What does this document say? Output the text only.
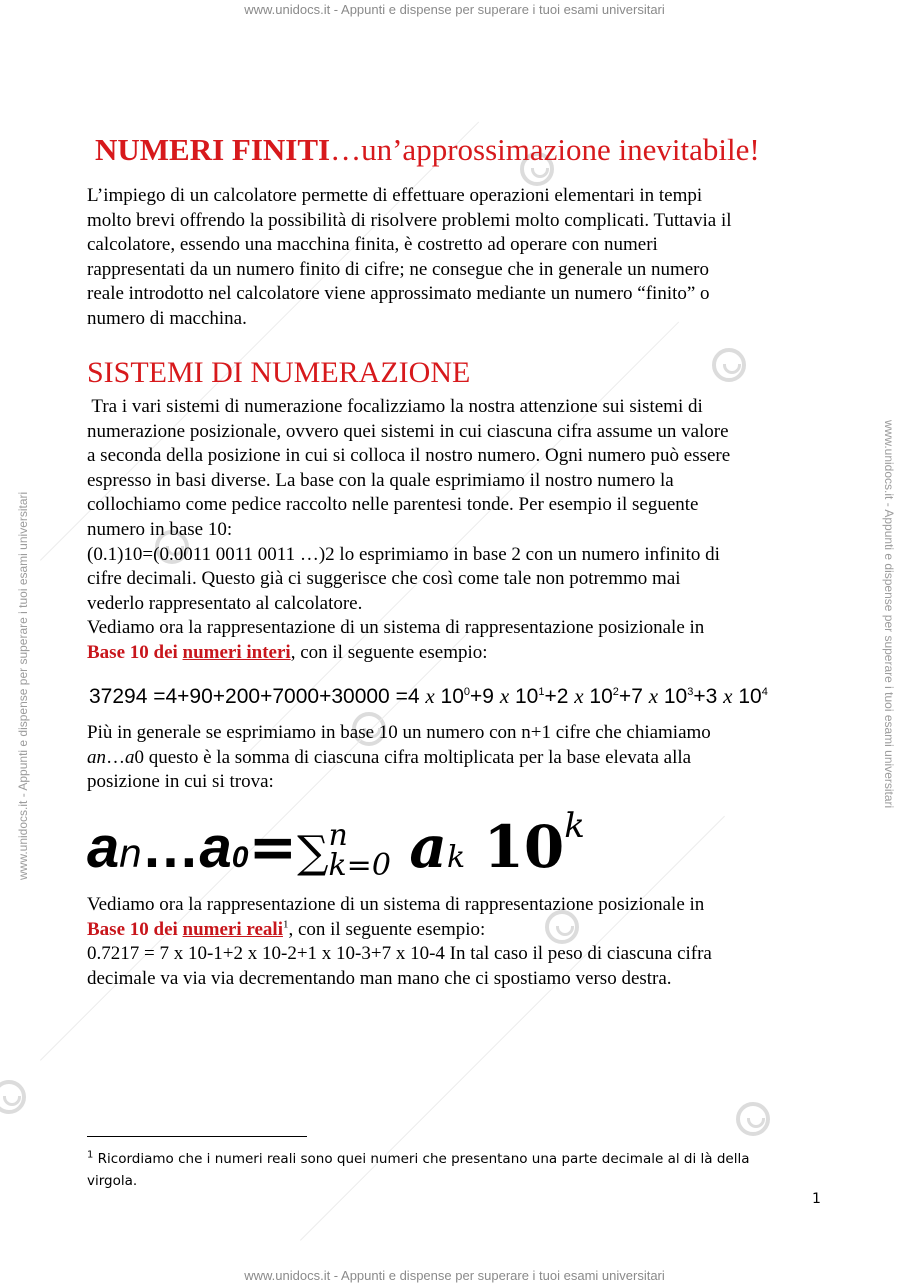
www.unidocs.it - Appunti e dispense per superare i tuoi esami universitari
www.unidocs.it - Appunti e dispense per superare i tuoi esami universitari
www.unidocs.it - Appunti e dispense per superare i tuoi esami universitari	www.unidocs.it - Appunti e dispense per superare i tuoi esami universitari
NUMERI FINITI…un’approssimazione inevitabile!
L’impiego di un calcolatore permette di effettuare operazioni elementari in tempi
molto brevi offrendo la possibilità di risolvere problemi molto complicati. Tuttavia il
calcolatore, essendo una macchina finita, è costretto ad operare con numeri
rappresentati da un numero finito di cifre; ne consegue che in generale un numero
reale introdotto nel calcolatore viene approssimato mediante un numero “finito” o
numero di macchina.
SISTEMI DI NUMERAZIONE
Tra i vari sistemi di numerazione focalizziamo la nostra attenzione sui sistemi di
numerazione posizionale, ovvero quei sistemi in cui ciascuna cifra assume un valore
a seconda della posizione in cui si colloca il nostro numero. Ogni numero può essere
espresso in basi diverse. La base con la quale esprimiamo il nostro numero la
collochiamo come pedice raccolto nelle parentesi tonde. Per esempio il seguente
numero in base 10:
(0.1)10=(0.0011 0011 0011 …)2 lo esprimiamo in base 2 con un numero infinito di
cifre decimali. Questo già ci suggerisce che così come tale non potremmo mai
vederlo rappresentato al calcolatore.
Vediamo ora la rappresentazione di un sistema di rappresentazione posizionale in
Base 10 dei numeri interi, con il seguente esempio:
37294 =4+90+200+7000+30000 =4 x $10^0+9$ x $10^1+2$ x $10^2+7$ x $10^3+3$ x $10^4$
Più in generale se esprimiamo in base 10 un numero con n+1 cifre che chiamiamo
an…a0 questo è la somma di ciascuna cifra moltiplicata per la base elevata alla
posizione in cui si trova:
an…a0=∑ n
k=0 ak 10$^k$
Vediamo ora la rappresentazione di un sistema di rappresentazione posizionale in
Base 10 dei numeri reali$^1$, con il seguente esempio:
0.7217 = 7 x 10-1+2 x 10-2+1 x 10-3+7 x 10-4 In tal caso il peso di ciascuna cifra
decimale va via via decrementando man mano che ci spostiamo verso destra.
$^1$ Ricordiamo che i numeri reali sono quei numeri che presentano una parte decimale al di là della
virgola.
1
